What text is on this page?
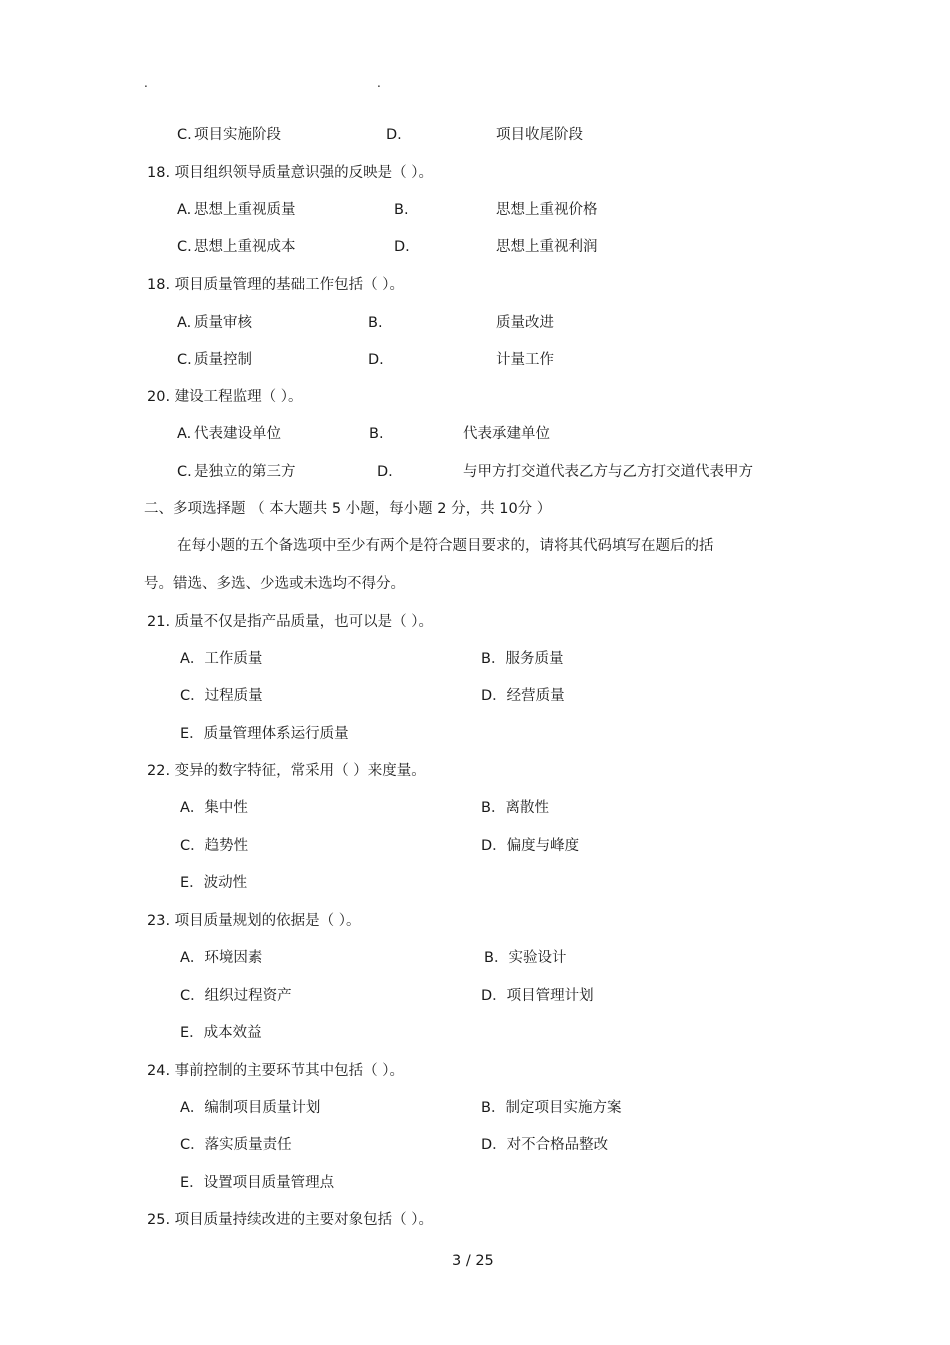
.	.
C. 项目实施阶段	D.	项目收尾阶段
18. 项目组织领导质量意识强的反映是（ ）。
A. 思想上重视质量	B.	思想上重视价格
C. 思想上重视成本	D.	思想上重视利润
18. 项目质量管理的基础工作包括（ ）。
A. 质量审核	B.	质量改进
C. 质量控制	D.	计量工作
20. 建设工程监理（ ）。
A. 代表建设单位	B.	代表承建单位
C. 是独立的第三方	D.	与甲方打交道代表乙方与乙方打交道代表甲方
二、多项选择题 （ 本大题共 5 小题，每小题 2 分，共 10分 ）
在每小题的五个备选项中至少有两个是符合题目要求的，请将其代码填写在题后的括
号。错选、多选、少选或未选均不得分。
21. 质量不仅是指产品质量，也可以是（ ）。
A．工作质量	B．服务质量
C．过程质量	D．经营质量
E．质量管理体系运行质量
22. 变异的数字特征，常采用（ ）来度量。
A．集中性	B．离散性
C．趋势性	D．偏度与峰度
E．波动性
23. 项目质量规划的依据是（ ）。
A．环境因素	B．实验设计
C．组织过程资产	D．项目管理计划
E．成本效益
24. 事前控制的主要环节其中包括（ ）。
A．编制项目质量计划	B．制定项目实施方案
C．落实质量责任	D．对不合格品整改
E．设置项目质量管理点
25. 项目质量持续改进的主要对象包括（ ）。
3 / 25
